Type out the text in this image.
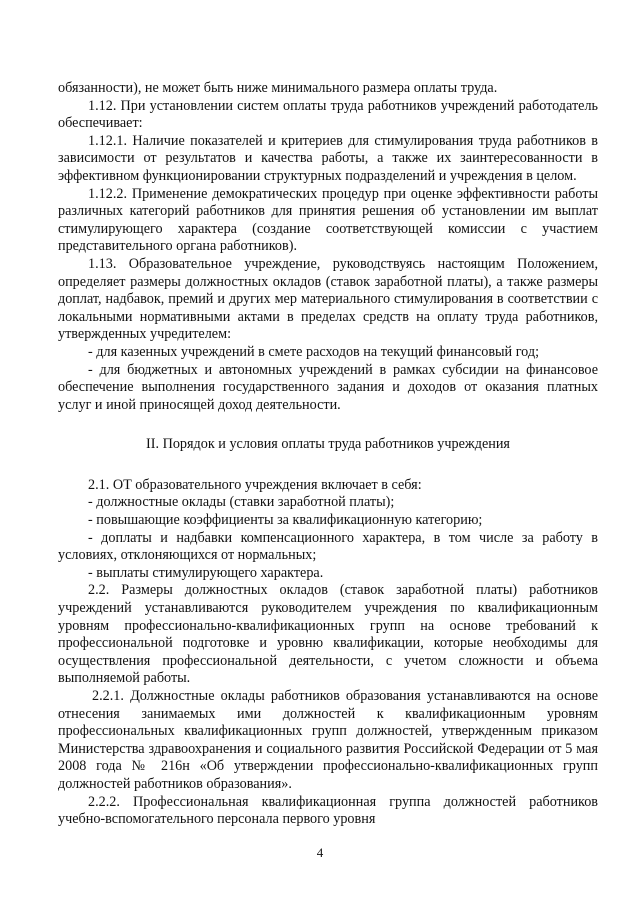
обязанности), не может быть ниже минимального размера оплаты труда.

1.12. При установлении систем оплаты труда работников учреждений работодатель обеспечивает:

1.12.1. Наличие показателей и критериев для стимулирования труда работников в зависимости от результатов и качества работы, а также их заинтересованности в эффективном функционировании структурных подразделений и учреждения в целом.

1.12.2. Применение демократических процедур при оценке эффективности работы различных категорий работников для принятия решения об установлении им выплат стимулирующего характера (создание соответствующей комиссии с участием представительного органа работников).

1.13. Образовательное учреждение, руководствуясь настоящим Положением, определяет размеры должностных окладов (ставок заработной платы), а также размеры доплат, надбавок, премий и других мер материального стимулирования в соответствии с локальными нормативными актами в пределах средств на оплату труда работников, утвержденных учредителем:

- для казенных учреждений в смете расходов на текущий финансовый год;

- для бюджетных и автономных учреждений в рамках субсидии на финансовое обеспечение выполнения государственного задания и доходов от оказания платных услуг и иной приносящей доход деятельности.

II. Порядок и условия оплаты труда работников учреждения

2.1. ОТ образовательного учреждения включает в себя:

- должностные оклады (ставки заработной платы);

- повышающие коэффициенты за квалификационную категорию;

- доплаты и надбавки компенсационного характера, в том числе за работу в условиях, отклоняющихся от нормальных;

- выплаты стимулирующего характера.

2.2. Размеры должностных окладов (ставок заработной платы) работников учреждений устанавливаются руководителем учреждения по квалификационным уровням профессионально-квалификационных групп на основе требований к профессиональной подготовке и уровню квалификации, которые необходимы для осуществления профессиональной деятельности, с учетом сложности и объема выполняемой работы.

2.2.1. Должностные оклады работников образования устанавливаются на основе отнесения занимаемых ими должностей к квалификационным уровням профессиональных квалификационных групп должностей, утвержденным приказом Министерства здравоохранения и социального развития Российской Федерации от 5 мая 2008 года № 216н «Об утверждении профессионально-квалификационных групп должностей работников образования».

2.2.2. Профессиональная квалификационная группа должностей работников учебно-вспомогательного персонала первого уровня

4
